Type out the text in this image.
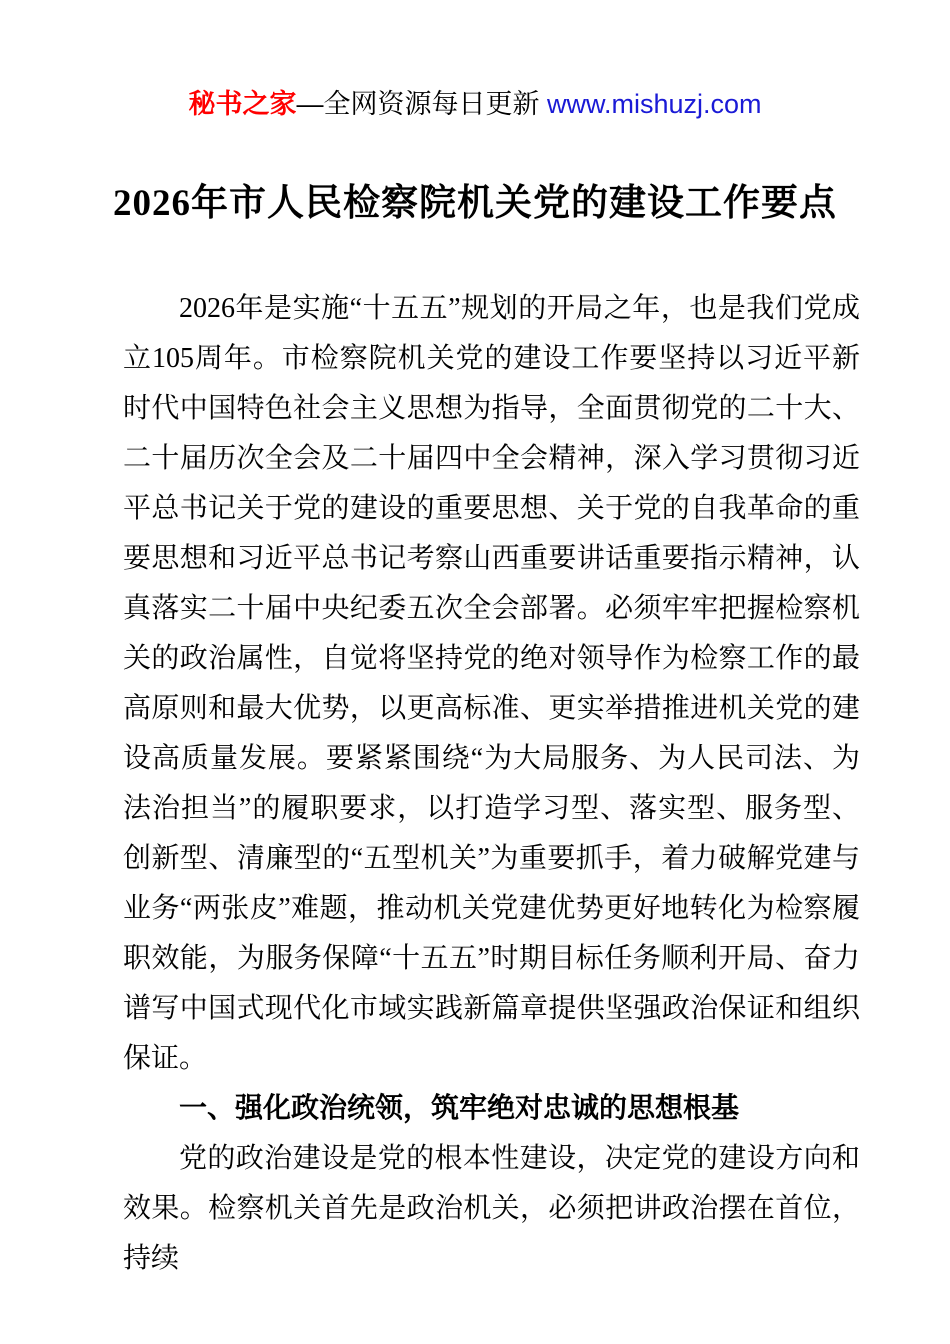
秘书之家—全网资源每日更新 www.mishuzj.com
2026年市人民检察院机关党的建设工作要点

2026年是实施“十五五”规划的开局之年，也是我们党成立105周年。市检察院机关党的建设工作要坚持以习近平新时代中国特色社会主义思想为指导，全面贯彻党的二十大、二十届历次全会及二十届四中全会精神，深入学习贯彻习近平总书记关于党的建设的重要思想、关于党的自我革命的重要思想和习近平总书记考察山西重要讲话重要指示精神，认真落实二十届中央纪委五次全会部署。必须牢牢把握检察机关的政治属性，自觉将坚持党的绝对领导作为检察工作的最高原则和最大优势，以更高标准、更实举措推进机关党的建设高质量发展。要紧紧围绕“为大局服务、为人民司法、为法治担当”的履职要求，以打造学习型、落实型、服务型、创新型、清廉型的“五型机关”为重要抓手，着力破解党建与业务“两张皮”难题，推动机关党建优势更好地转化为检察履职效能，为服务保障“十五五”时期目标任务顺利开局、奋力谱写中国式现代化市域实践新篇章提供坚强政治保证和组织保证。

一、强化政治统领，筑牢绝对忠诚的思想根基

党的政治建设是党的根本性建设，决定党的建设方向和效果。检察机关首先是政治机关，必须把讲政治摆在首位，持续
